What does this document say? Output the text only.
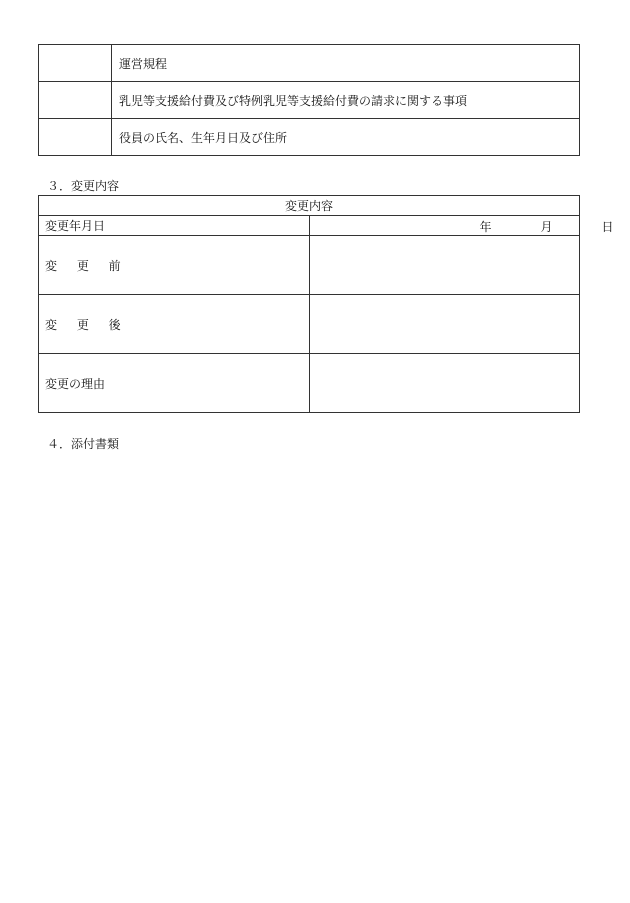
	運営規程
	乳児等支援給付費及び特例乳児等支援給付費の請求に関する事項
	役員の氏名、生年月日及び住所
３．変更内容
変更内容	
変更年月日	年 月 日

変 更 前	
変 更 後	
変更の理由	
４．添付書類
